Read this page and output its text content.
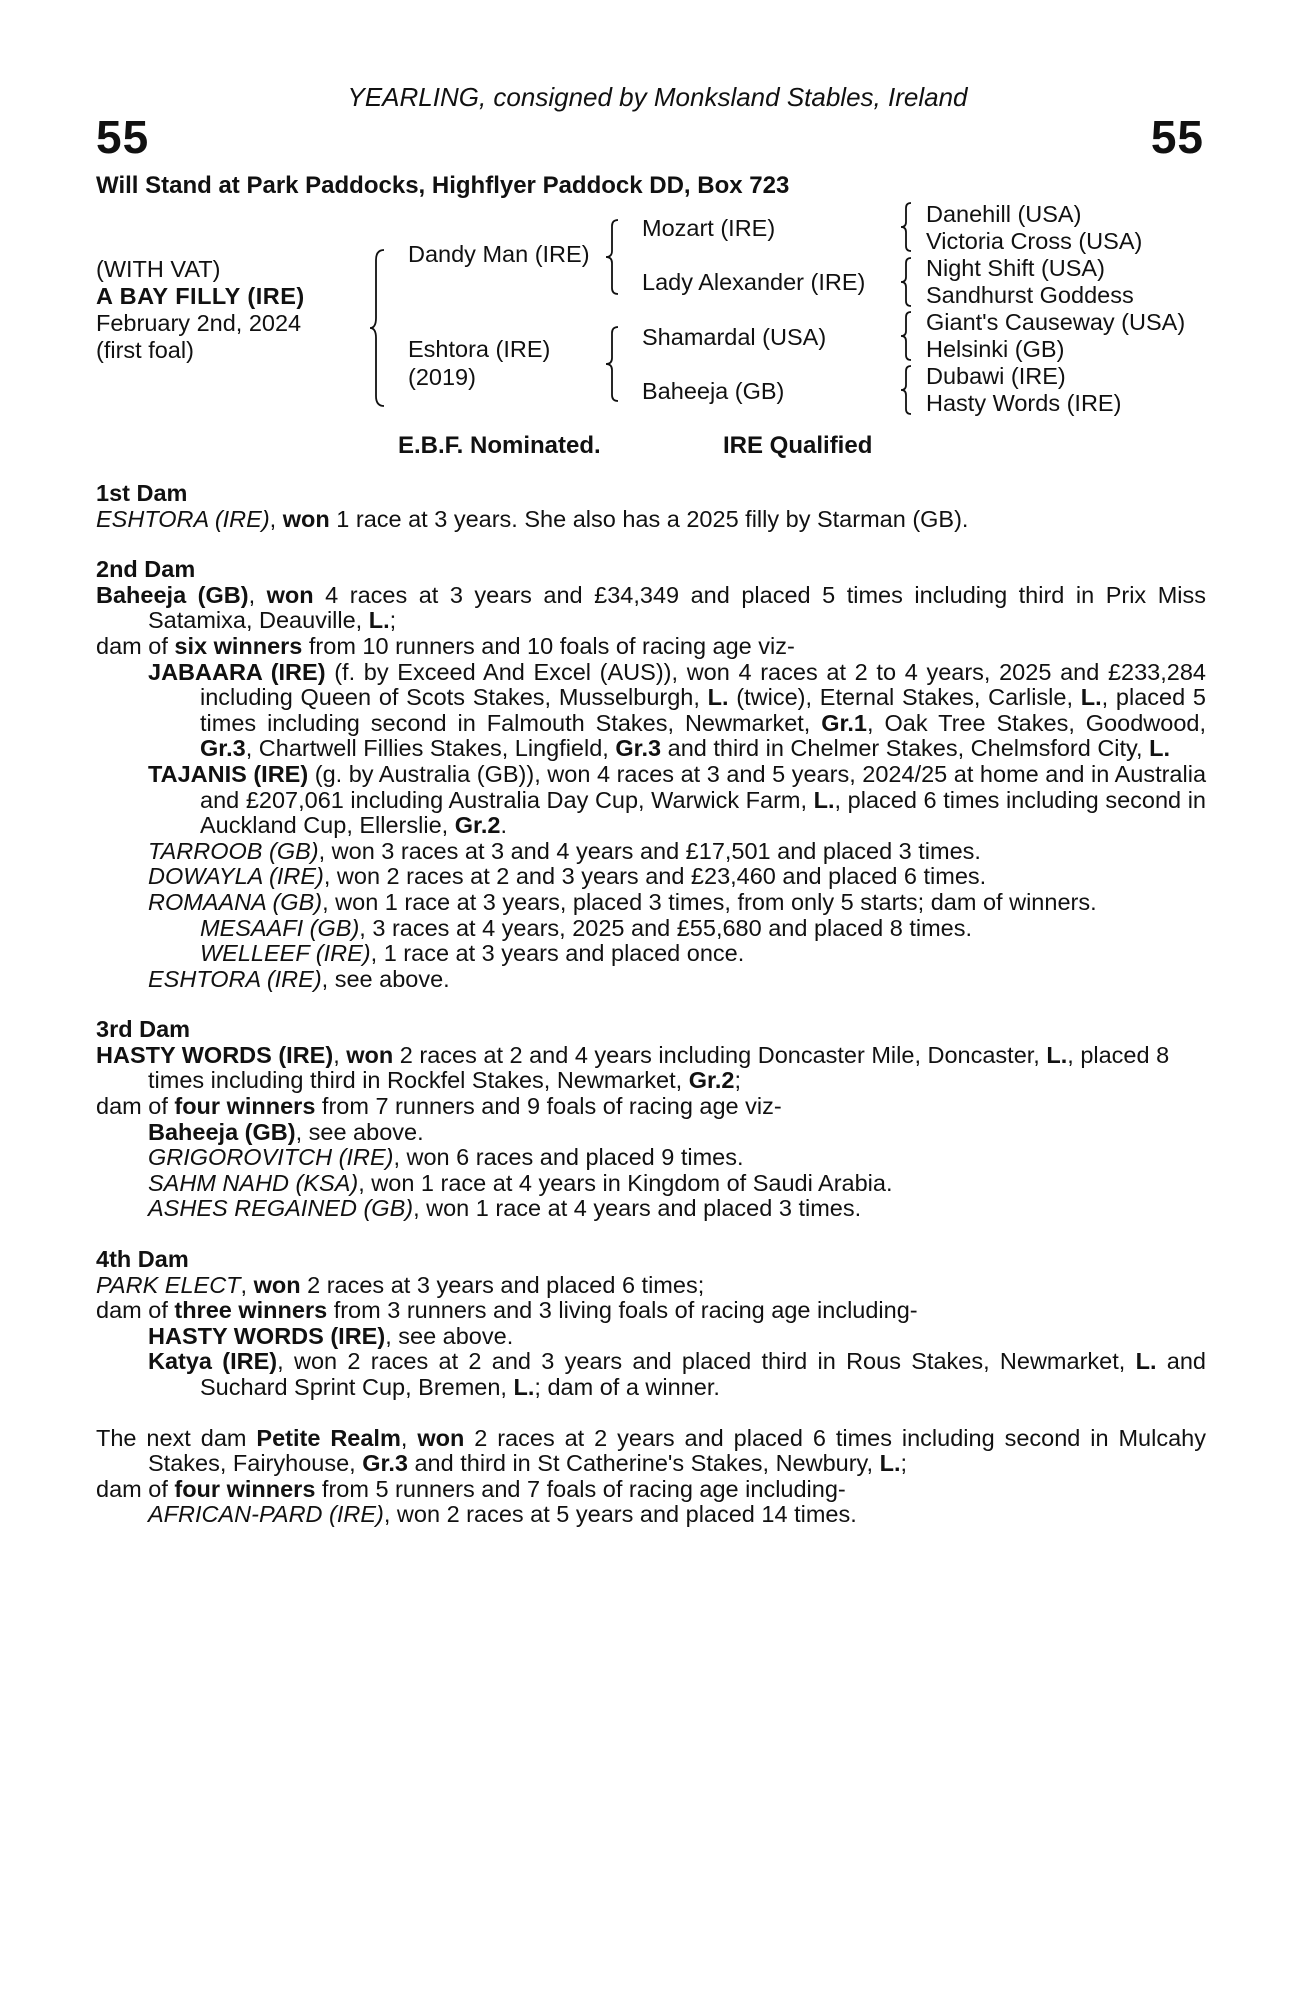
YEARLING, consigned by Monksland Stables, Ireland
55	55
Will Stand at Park Paddocks, Highflyer Paddock DD, Box 723
(WITH VAT)
A BAY FILLY (IRE)
February 2nd, 2024
(first foal)
Dandy Man (IRE)
Eshtora (IRE)
(2019)
Mozart (IRE)
Lady Alexander (IRE)
Shamardal (USA)
Baheeja (GB)
Danehill (USA)
Victoria Cross (USA)
Night Shift (USA)
Sandhurst Goddess
Giant's Causeway (USA)
Helsinki (GB)
Dubawi (IRE)
Hasty Words (IRE)
E.B.F. Nominated.	IRE Qualified
1st Dam
ESHTORA (IRE), won 1 race at 3 years. She also has a 2025 filly by Starman (GB).
2nd Dam
Baheeja (GB), won 4 races at 3 years and £34,349 and placed 5 times including third in Prix Miss Satamixa, Deauville, L.;
dam of six winners from 10 runners and 10 foals of racing age viz-
JABAARA (IRE) (f. by Exceed And Excel (AUS)), won 4 races at 2 to 4 years, 2025 and £233,284 including Queen of Scots Stakes, Musselburgh, L. (twice), Eternal Stakes, Carlisle, L., placed 5 times including second in Falmouth Stakes, Newmarket, Gr.1, Oak Tree Stakes, Goodwood, Gr.3, Chartwell Fillies Stakes, Lingfield, Gr.3 and third in Chelmer Stakes, Chelmsford City, L.
TAJANIS (IRE) (g. by Australia (GB)), won 4 races at 3 and 5 years, 2024/25 at home and in Australia and £207,061 including Australia Day Cup, Warwick Farm, L., placed 6 times including second in Auckland Cup, Ellerslie, Gr.2.
TARROOB (GB), won 3 races at 3 and 4 years and £17,501 and placed 3 times.
DOWAYLA (IRE), won 2 races at 2 and 3 years and £23,460 and placed 6 times.
ROMAANA (GB), won 1 race at 3 years, placed 3 times, from only 5 starts; dam of winners.
MESAAFI (GB), 3 races at 4 years, 2025 and £55,680 and placed 8 times.
WELLEEF (IRE), 1 race at 3 years and placed once.
ESHTORA (IRE), see above.
3rd Dam
HASTY WORDS (IRE), won 2 races at 2 and 4 years including Doncaster Mile, Doncaster, L., placed 8 times including third in Rockfel Stakes, Newmarket, Gr.2;
dam of four winners from 7 runners and 9 foals of racing age viz-
Baheeja (GB), see above.
GRIGOROVITCH (IRE), won 6 races and placed 9 times.
SAHM NAHD (KSA), won 1 race at 4 years in Kingdom of Saudi Arabia.
ASHES REGAINED (GB), won 1 race at 4 years and placed 3 times.
4th Dam
PARK ELECT, won 2 races at 3 years and placed 6 times;
dam of three winners from 3 runners and 3 living foals of racing age including-
HASTY WORDS (IRE), see above.
Katya (IRE), won 2 races at 2 and 3 years and placed third in Rous Stakes, Newmarket, L. and Suchard Sprint Cup, Bremen, L.; dam of a winner.
The next dam Petite Realm, won 2 races at 2 years and placed 6 times including second in Mulcahy Stakes, Fairyhouse, Gr.3 and third in St Catherine's Stakes, Newbury, L.;
dam of four winners from 5 runners and 7 foals of racing age including-
AFRICAN-PARD (IRE), won 2 races at 5 years and placed 14 times.
